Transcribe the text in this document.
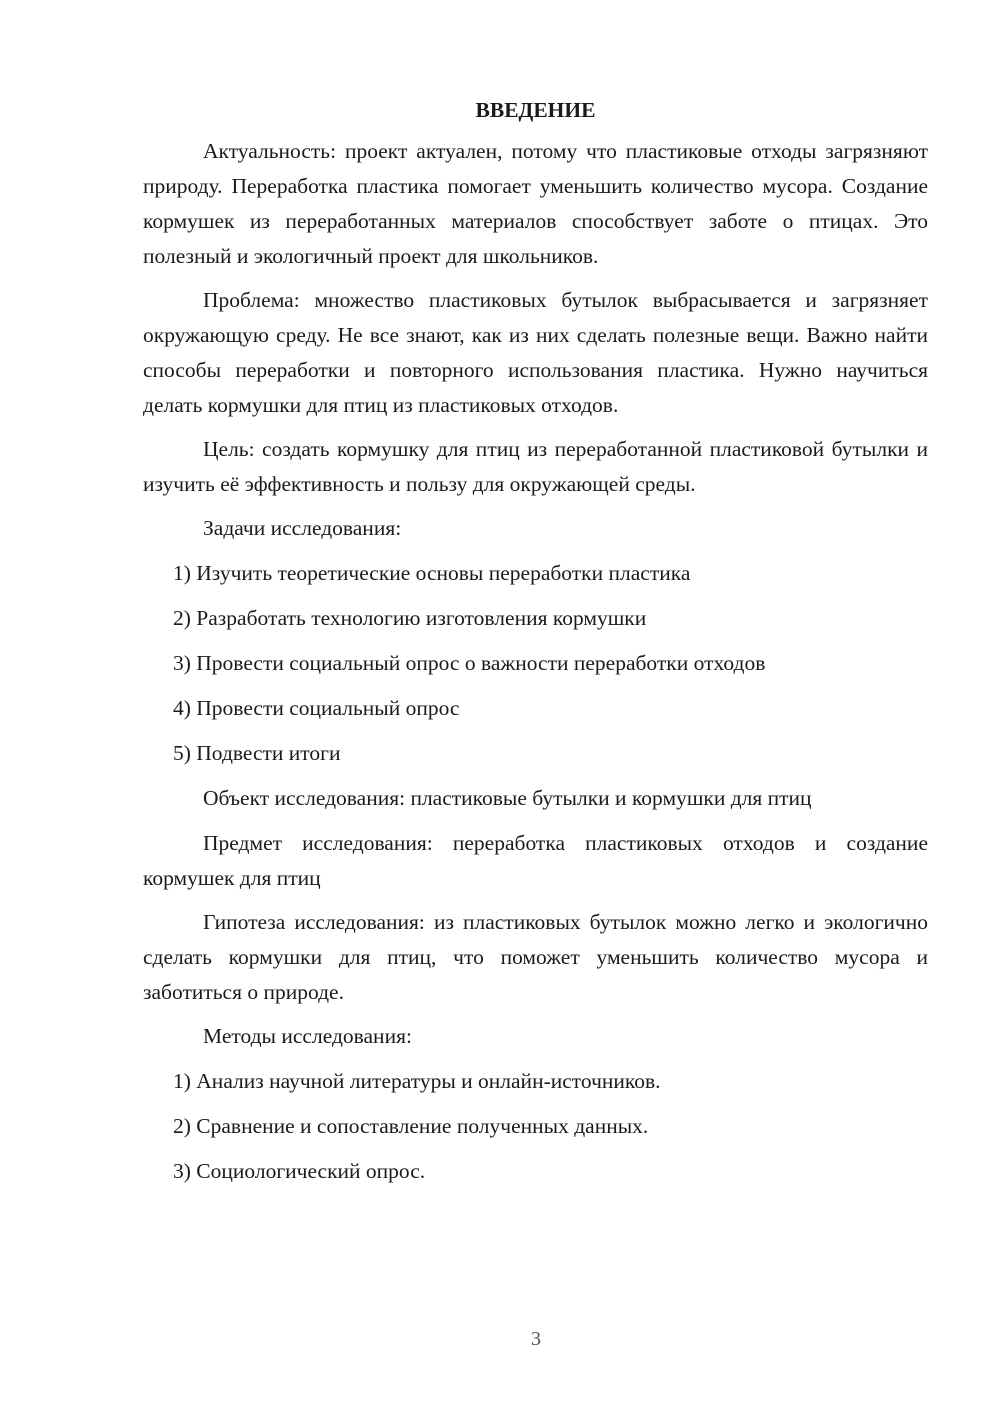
ВВЕДЕНИЕ

Актуальность: проект актуален, потому что пластиковые отходы загрязняют природу. Переработка пластика помогает уменьшить количество мусора. Создание кормушек из переработанных материалов способствует заботе о птицах. Это полезный и экологичный проект для школьников.

Проблема: множество пластиковых бутылок выбрасывается и загрязняет окружающую среду. Не все знают, как из них сделать полезные вещи. Важно найти способы переработки и повторного использования пластика. Нужно научиться делать кормушки для птиц из пластиковых отходов.

Цель: создать кормушку для птиц из переработанной пластиковой бутылки и изучить её эффективность и пользу для окружающей среды.

Задачи исследования:

1) Изучить теоретические основы переработки пластика

2) Разработать технологию изготовления кормушки

3) Провести социальный опрос о важности переработки отходов

4) Провести социальный опрос

5) Подвести итоги

Объект исследования: пластиковые бутылки и кормушки для птиц

Предмет исследования: переработка пластиковых отходов и создание кормушек для птиц

Гипотеза исследования: из пластиковых бутылок можно легко и экологично сделать кормушки для птиц, что поможет уменьшить количество мусора и заботиться о природе.

Методы исследования:

1) Анализ научной литературы и онлайн-источников.

2) Сравнение и сопоставление полученных данных.

3) Социологический опрос.

3
